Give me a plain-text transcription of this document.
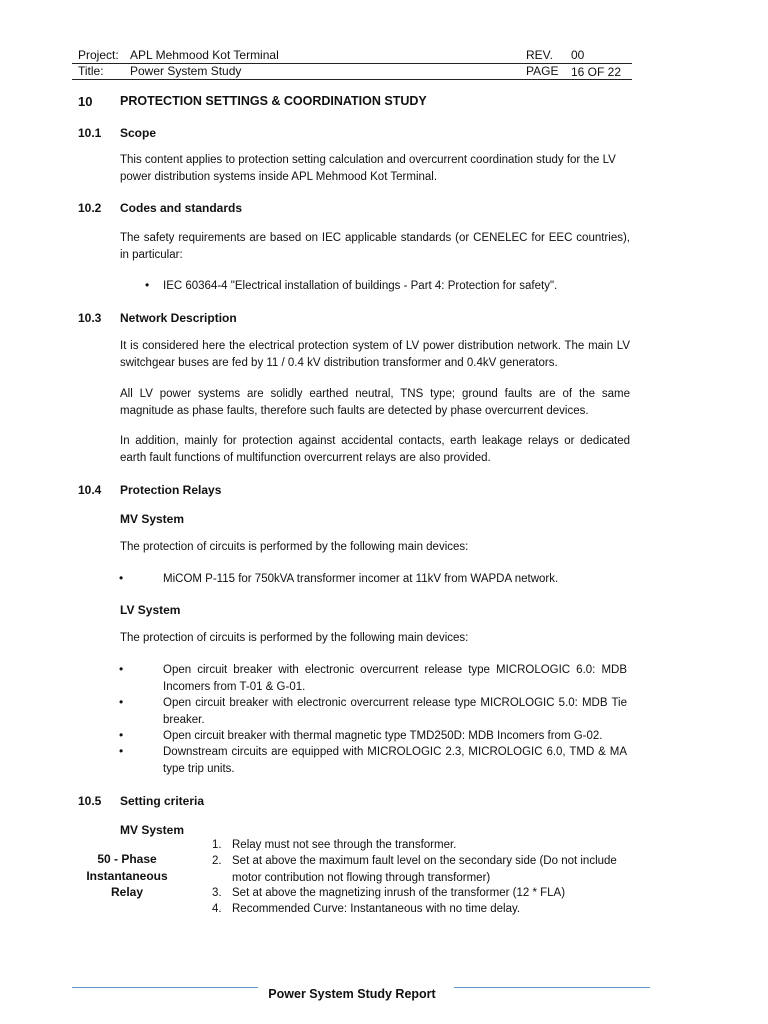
Project: APL Mehmood Kot Terminal	REV. 00
Title: Power System Study	PAGE 16 OF 22
10 PROTECTION SETTINGS & COORDINATION STUDY
10.1 Scope
This content applies to protection setting calculation and overcurrent coordination study for the LV power distribution systems inside APL Mehmood Kot Terminal.
10.2 Codes and standards
The safety requirements are based on IEC applicable standards (or CENELEC for EEC countries), in particular:
• IEC 60364-4 "Electrical installation of buildings - Part 4: Protection for safety".
10.3 Network Description
It is considered here the electrical protection system of LV power distribution network. The main LV switchgear buses are fed by 11 / 0.4 kV distribution transformer and 0.4kV generators.
All LV power systems are solidly earthed neutral, TNS type; ground faults are of the same magnitude as phase faults, therefore such faults are detected by phase overcurrent devices.
In addition, mainly for protection against accidental contacts, earth leakage relays or dedicated earth fault functions of multifunction overcurrent relays are also provided.
10.4 Protection Relays
MV System
The protection of circuits is performed by the following main devices:
•	MiCOM P-115 for 750kVA transformer incomer at 11kV from WAPDA network.
LV System
The protection of circuits is performed by the following main devices:
•	Open circuit breaker with electronic overcurrent release type MICROLOGIC 6.0: MDB Incomers from T-01 & G-01.
•	Open circuit breaker with electronic overcurrent release type MICROLOGIC 5.0: MDB Tie breaker.
•	Open circuit breaker with thermal magnetic type TMD250D: MDB Incomers from G-02.
•	Downstream circuits are equipped with MICROLOGIC 2.3, MICROLOGIC 6.0, TMD & MA type trip units.
10.5 Setting criteria
MV System
50 - Phase
Instantaneous
Relay
1. Relay must not see through the transformer.
2. Set at above the maximum fault level on the secondary side (Do not include motor contribution not flowing through transformer)
3. Set at above the magnetizing inrush of the transformer (12 * FLA)
4. Recommended Curve: Instantaneous with no time delay.
Power System Study Report
